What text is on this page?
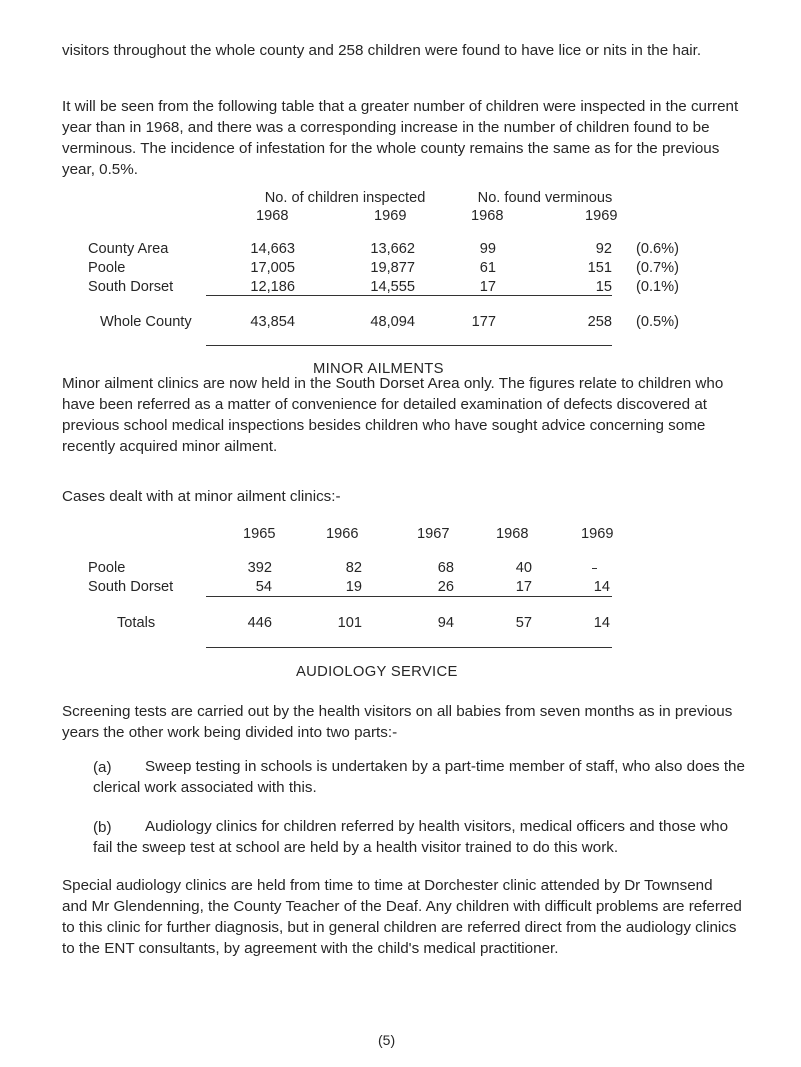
visitors throughout the whole county and 258 children were found to have lice or nits in the hair.

It will be seen from the following table that a greater number of children were inspected in the current year than in 1968, and there was a corresponding increase in the number of children found to be verminous. The incidence of infestation for the whole county remains the same as for the previous year, 0.5%.

No. of children inspected	No. found verminous
1968	1969	1968	1969
County Area	14,663	13,662	99	92 (0.6%)
Poole	17,005	19,877	61	151 (0.7%)
South Dorset	12,186	14,555	17	15 (0.1%)
Whole County	43,854	48,094	177	258 (0.5%)
MINOR AILMENTS

Minor ailment clinics are now held in the South Dorset Area only. The figures relate to children who have been referred as a matter of convenience for detailed examination of defects discovered at previous school medical inspections besides children who have sought advice concerning some recently acquired minor ailment.

Cases dealt with at minor ailment clinics:-
1965	1966	1967	1968	1969
Poole	392	82	68	40
South Dorset	54	19	26	17	14
Totals	446	101	94	57	14
AUDIOLOGY SERVICE

Screening tests are carried out by the health visitors on all babies from seven months as in previous years the other work being divided into two parts:-

(a)	Sweep testing in schools is undertaken by a part-time member of staff, who also does the clerical work associated with this.

(b)	Audiology clinics for children referred by health visitors, medical officers and those who fail the sweep test at school are held by a health visitor trained to do this work.

Special audiology clinics are held from time to time at Dorchester clinic attended by Dr Townsend and Mr Glendenning, the County Teacher of the Deaf. Any children with difficult problems are referred to this clinic for further diagnosis, but in general children are referred direct from the audiology clinics to the ENT consultants, by agreement with the child's medical practitioner.

(5)
